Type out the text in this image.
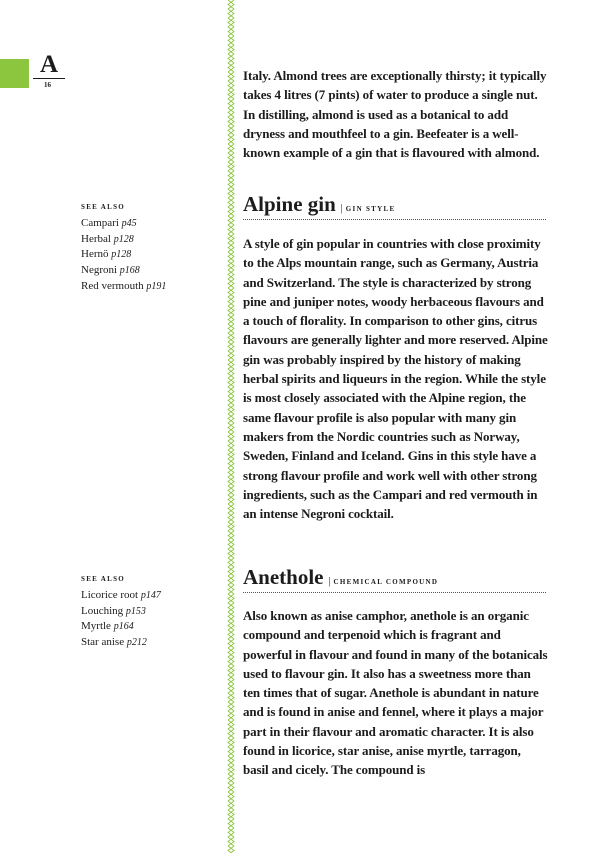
A
16

Italy. Almond trees are exceptionally thirsty; it typically takes 4 litres (7 pints) of water to produce a single nut. In distilling, almond is used as a botanical to add dryness and mouthfeel to a gin. Beefeater is a well-known example of a gin that is flavoured with almond.

SEE ALSO
Campari p45
Herbal p128
Hernö p128
Negroni p168
Red vermouth p191
Alpine gin | GIN STYLE

A style of gin popular in countries with close proximity to the Alps mountain range, such as Germany, Austria and Switzerland. The style is characterized by strong pine and juniper notes, woody herbaceous flavours and a touch of florality. In comparison to other gins, citrus flavours are generally lighter and more reserved. Alpine gin was probably inspired by the history of making herbal spirits and liqueurs in the region. While the style is most closely associated with the Alpine region, the same flavour profile is also popular with many gin makers from the Nordic countries such as Norway, Sweden, Finland and Iceland. Gins in this style have a strong flavour profile and work well with other strong ingredients, such as the Campari and red vermouth in an intense Negroni cocktail.

SEE ALSO
Licorice root p147
Louching p153
Myrtle p164
Star anise p212
Anethole | CHEMICAL COMPOUND

Also known as anise camphor, anethole is an organic compound and terpenoid which is fragrant and powerful in flavour and found in many of the botanicals used to flavour gin. It also has a sweetness more than ten times that of sugar. Anethole is abundant in nature and is found in anise and fennel, where it plays a major part in their flavour and aromatic character. It is also found in licorice, star anise, anise myrtle, tarragon, basil and cicely. The compound is
